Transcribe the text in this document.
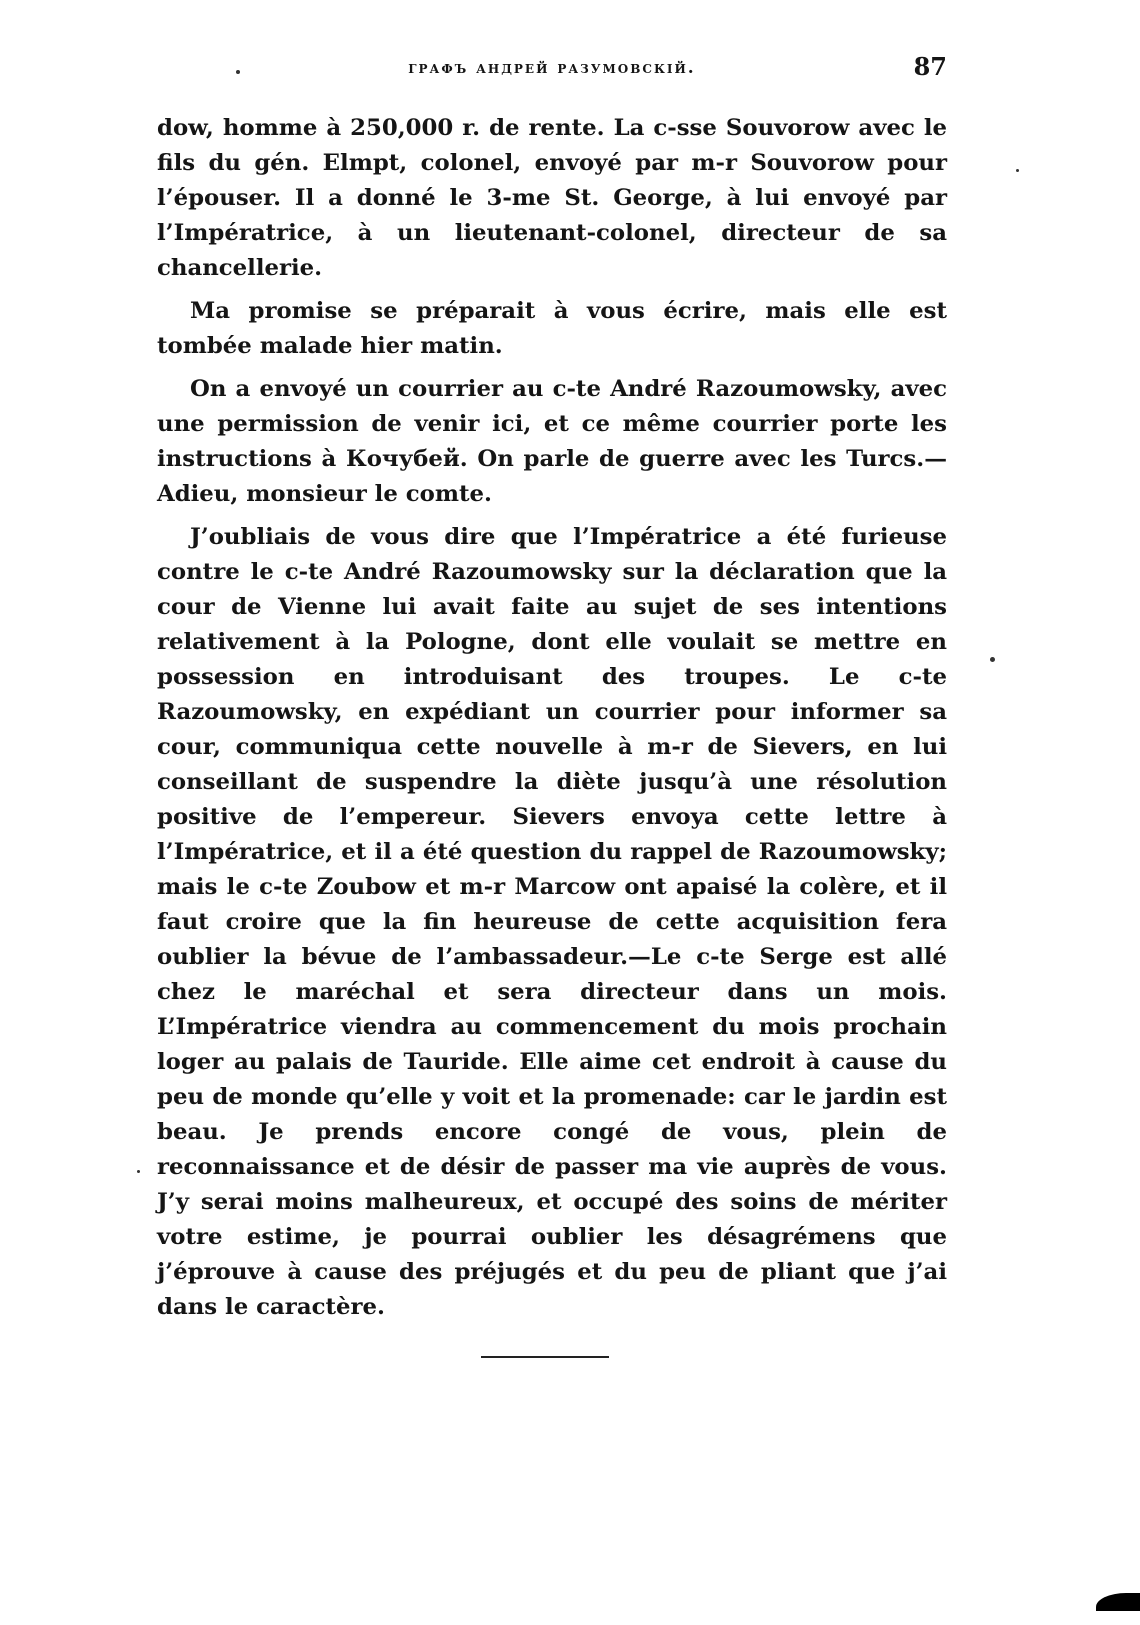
графъ андрей разумовскій.	87

dow, homme à 250,000 r. de rente. La c-sse Souvorow avec le fils du gén. Elmpt, colonel, envoyé par m-r Souvorow pour l’épouser. Il a donné le 3-me St. George, à lui envoyé par l’Impératrice, à un lieutenant-colonel, directeur de sa chancellerie.

Ma promise se préparait à vous écrire, mais elle est tombée malade hier matin.

On a envoyé un courrier au c-te André Razoumowsky, avec une permission de venir ici, et ce même courrier porte les instructions à Кочубей. On parle de guerre avec les Turcs.— Adieu, monsieur le comte.

J’oubliais de vous dire que l’Impératrice a été furieuse contre le c-te André Razoumowsky sur la déclaration que la cour de Vienne lui avait faite au sujet de ses intentions relativement à la Pologne, dont elle voulait se mettre en possession en introduisant des troupes. Le c-te Razoumowsky, en expédiant un courrier pour informer sa cour, communiqua cette nouvelle à m-r de Sievers, en lui conseillant de suspendre la diète jusqu’à une résolution positive de l’empereur. Sievers envoya cette lettre à l’Impératrice, et il a été question du rappel de Razoumowsky; mais le c-te Zoubow et m-r Marcow ont apaisé la colère, et il faut croire que la fin heureuse de cette acquisition fera oublier la bévue de l’ambassadeur.—Le c-te Serge est allé chez le maréchal et sera directeur dans un mois. L’Impératrice viendra au commencement du mois prochain loger au palais de Tauride. Elle aime cet endroit à cause du peu de monde qu’elle y voit et la promenade: car le jardin est beau. Je prends encore congé de vous, plein de reconnaissance et de désir de passer ma vie auprès de vous. J’y serai moins malheureux, et occupé des soins de mériter votre estime, je pourrai oublier les désagrémens que j’éprouve à cause des préjugés et du peu de pliant que j’ai dans le caractère.
